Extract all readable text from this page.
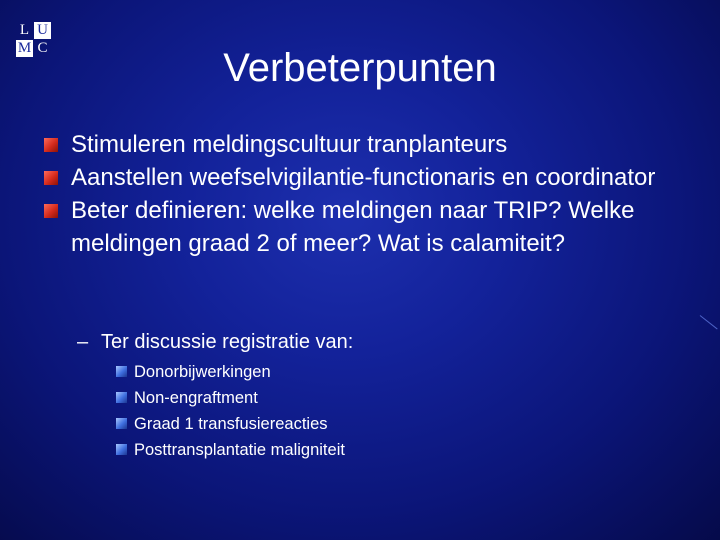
L U
M C	Verbeterpunten
Stimuleren meldingscultuur tranplanteurs
Aanstellen weefselvigilantie-functionaris en coordinator
Beter definieren: welke meldingen naar TRIP? Welke meldingen graad 2 of meer? Wat is calamiteit?
– Ter discussie registratie van:
Donorbijwerkingen
Non-engraftment
Graad 1 transfusiereacties
Posttransplantatie maligniteit
